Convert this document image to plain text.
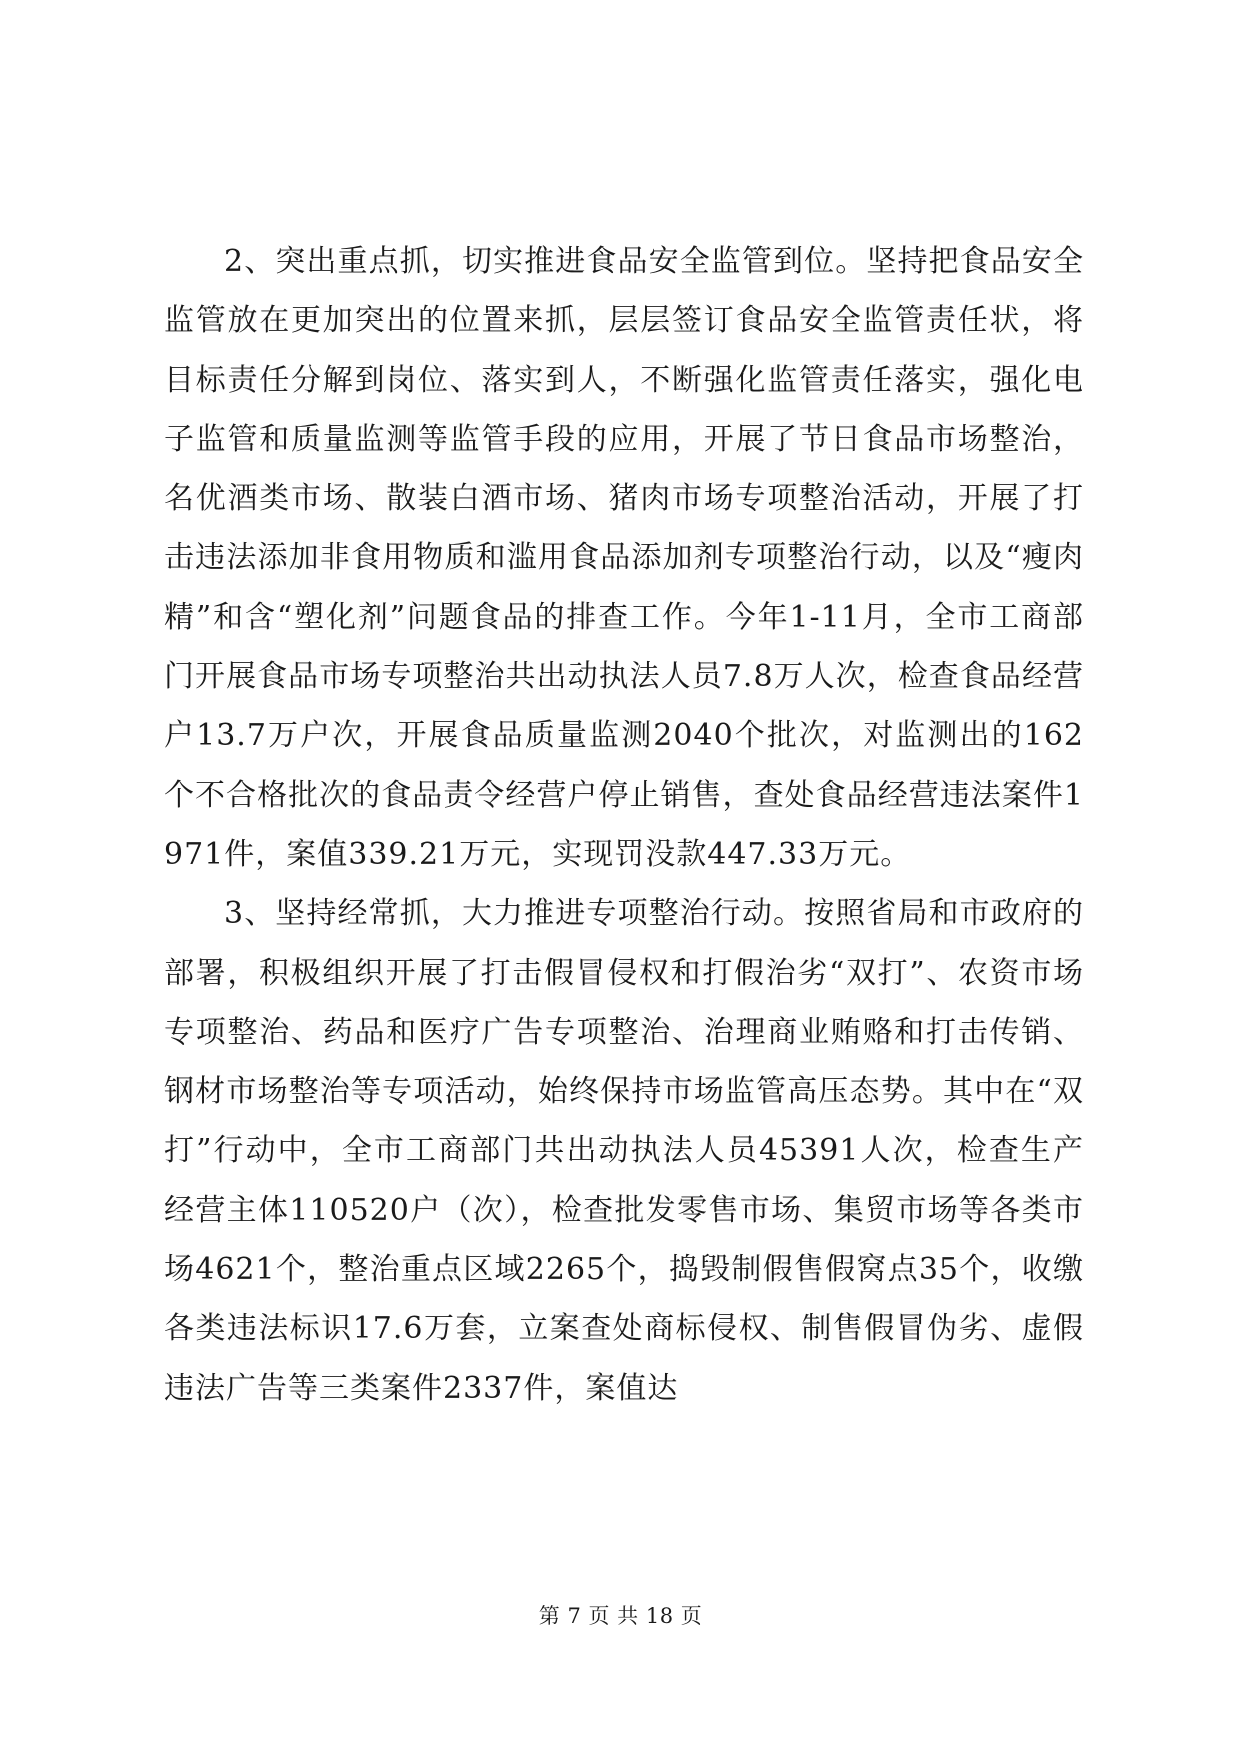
2、突出重点抓，切实推进食品安全监管到位。坚持把食品安全监管放在更加突出的位置来抓，层层签订食品安全监管责任状，将目标责任分解到岗位、落实到人，不断强化监管责任落实，强化电子监管和质量监测等监管手段的应用，开展了节日食品市场整治，名优酒类市场、散装白酒市场、猪肉市场专项整治活动，开展了打击违法添加非食用物质和滥用食品添加剂专项整治行动，以及“瘦肉精”和含“塑化剂”问题食品的排查工作。今年1-11月，全市工商部门开展食品市场专项整治共出动执法人员7.8万人次，检查食品经营户13.7万户次，开展食品质量监测2040个批次，对监测出的162个不合格批次的食品责令经营户停止销售，查处食品经营违法案件1971件，案值339.21万元，实现罚没款447.33万元。

3、坚持经常抓，大力推进专项整治行动。按照省局和市政府的部署，积极组织开展了打击假冒侵权和打假治劣“双打”、农资市场专项整治、药品和医疗广告专项整治、治理商业贿赂和打击传销、钢材市场整治等专项活动，始终保持市场监管高压态势。其中在“双打”行动中，全市工商部门共出动执法人员45391人次，检查生产经营主体110520户（次），检查批发零售市场、集贸市场等各类市场4621个，整治重点区域2265个，捣毁制假售假窝点35个，收缴各类违法标识17.6万套，立案查处商标侵权、制售假冒伪劣、虚假违法广告等三类案件2337件，案值达

第 7 页 共 18 页
